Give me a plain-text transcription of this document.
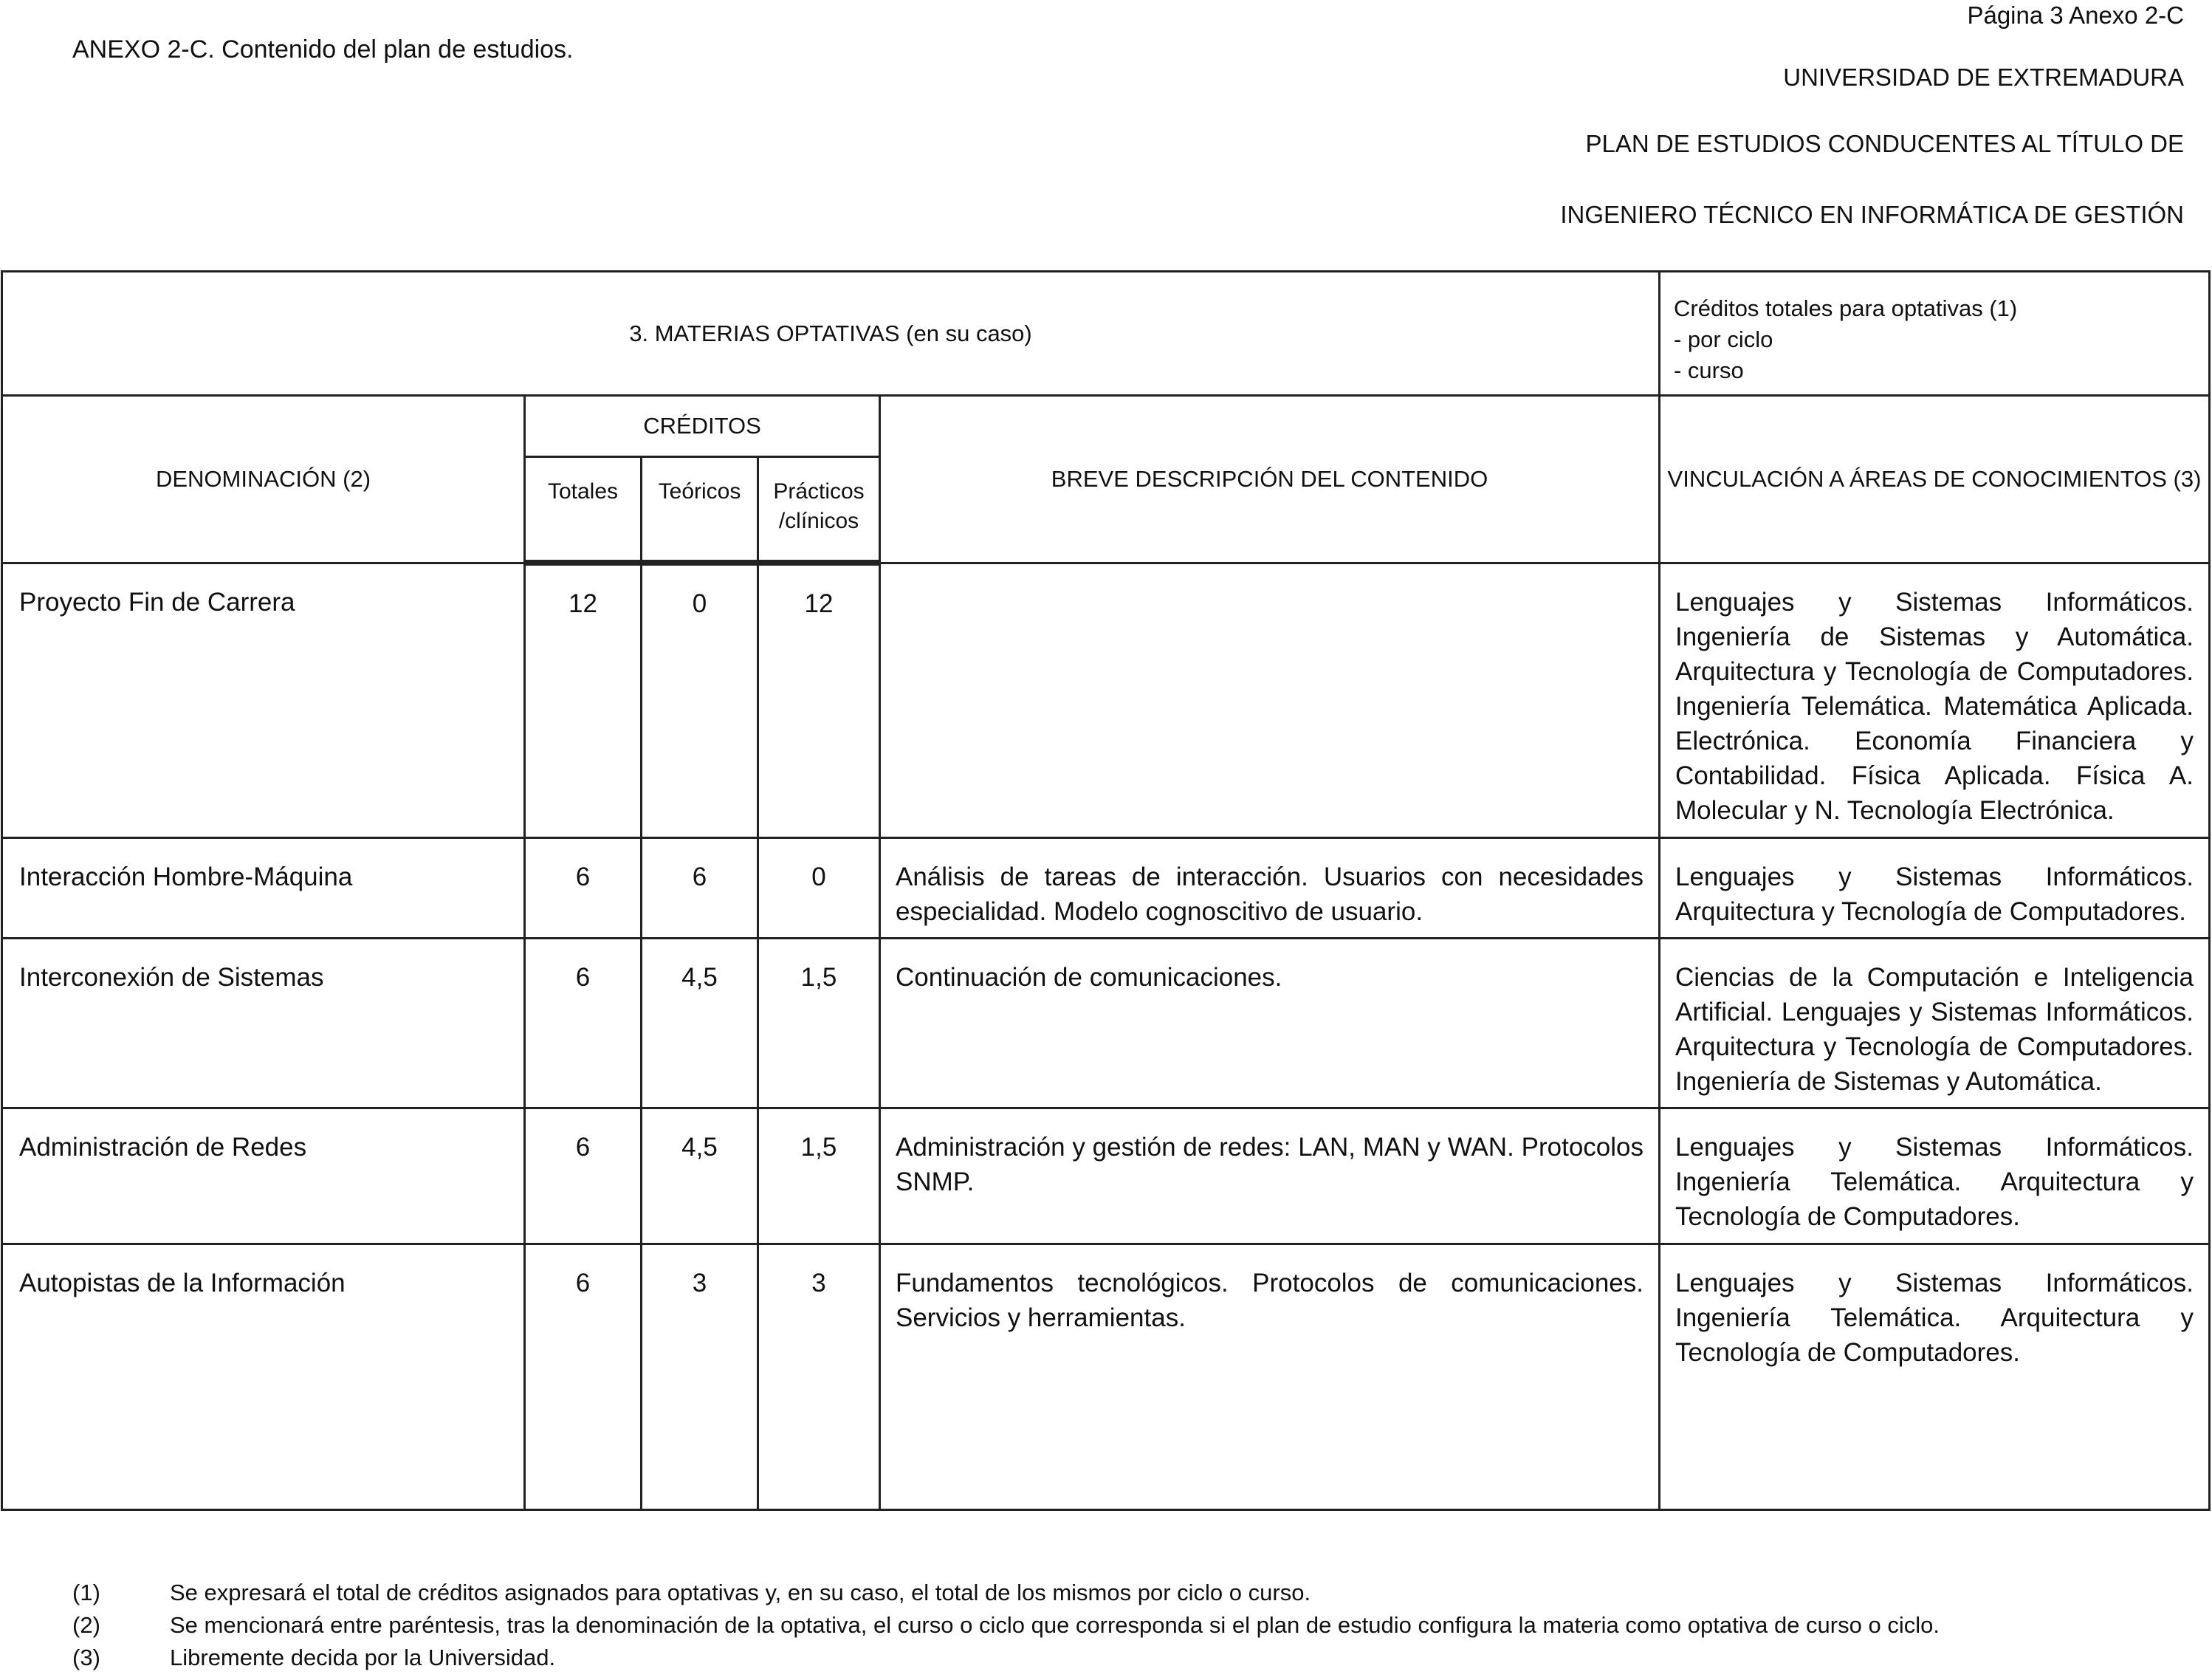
Página 3 Anexo 2-C
ANEXO 2-C. Contenido del plan de estudios.
UNIVERSIDAD DE EXTREMADURA
PLAN DE ESTUDIOS CONDUCENTES AL TÍTULO DE
INGENIERO TÉCNICO EN INFORMÁTICA DE GESTIÓN
3. MATERIAS OPTATIVAS (en su caso)					Créditos totales para optativas (1)
- por ciclo
- curso

DENOMINACIÓN (2)	CRÉDITOS			BREVE DESCRIPCIÓN DEL CONTENIDO	VINCULACIÓN A ÁREAS DE CONOCIMIENTOS (3)
	Totales	Teóricos	Prácticos
/clínicos		

Proyecto Fin de Carrera	12	0	12		Lenguajes y Sistemas Informáticos. Ingeniería de Sistemas y Automática. Arquitectura y Tecnología de Computadores. Ingeniería Telemática. Matemática Aplicada. Electrónica. Economía Financiera y Contabilidad. Física Aplicada. Física A. Molecular y N. Tecnología Electrónica.
Interacción Hombre-Máquina	6	6	0	Análisis de tareas de interacción. Usuarios con necesidades especialidad. Modelo cognoscitivo de usuario.	Lenguajes y Sistemas Informáticos. Arquitectura y Tecnología de Computadores.
Interconexión de Sistemas	6	4,5	1,5	Continuación de comunicaciones.	Ciencias de la Computación e Inteligencia Artificial. Lenguajes y Sistemas Informáticos. Arquitectura y Tecnología de Computadores. Ingeniería de Sistemas y Automática.
Administración de Redes	6	4,5	1,5	Administración y gestión de redes: LAN, MAN y WAN. Protocolos SNMP.	Lenguajes y Sistemas Informáticos. Ingeniería Telemática. Arquitectura y Tecnología de Computadores.
Autopistas de la Información	6	3	3	Fundamentos tecnológicos. Protocolos de comunicaciones. Servicios y herramientas.	Lenguajes y Sistemas Informáticos. Ingeniería Telemática. Arquitectura y Tecnología de Computadores.
(1)	Se expresará el total de créditos asignados para optativas y, en su caso, el total de los mismos por ciclo o curso.
(2)	Se mencionará entre paréntesis, tras la denominación de la optativa, el curso o ciclo que corresponda si el plan de estudio configura la materia como optativa de curso o ciclo.
(3)	Libremente decida por la Universidad.
